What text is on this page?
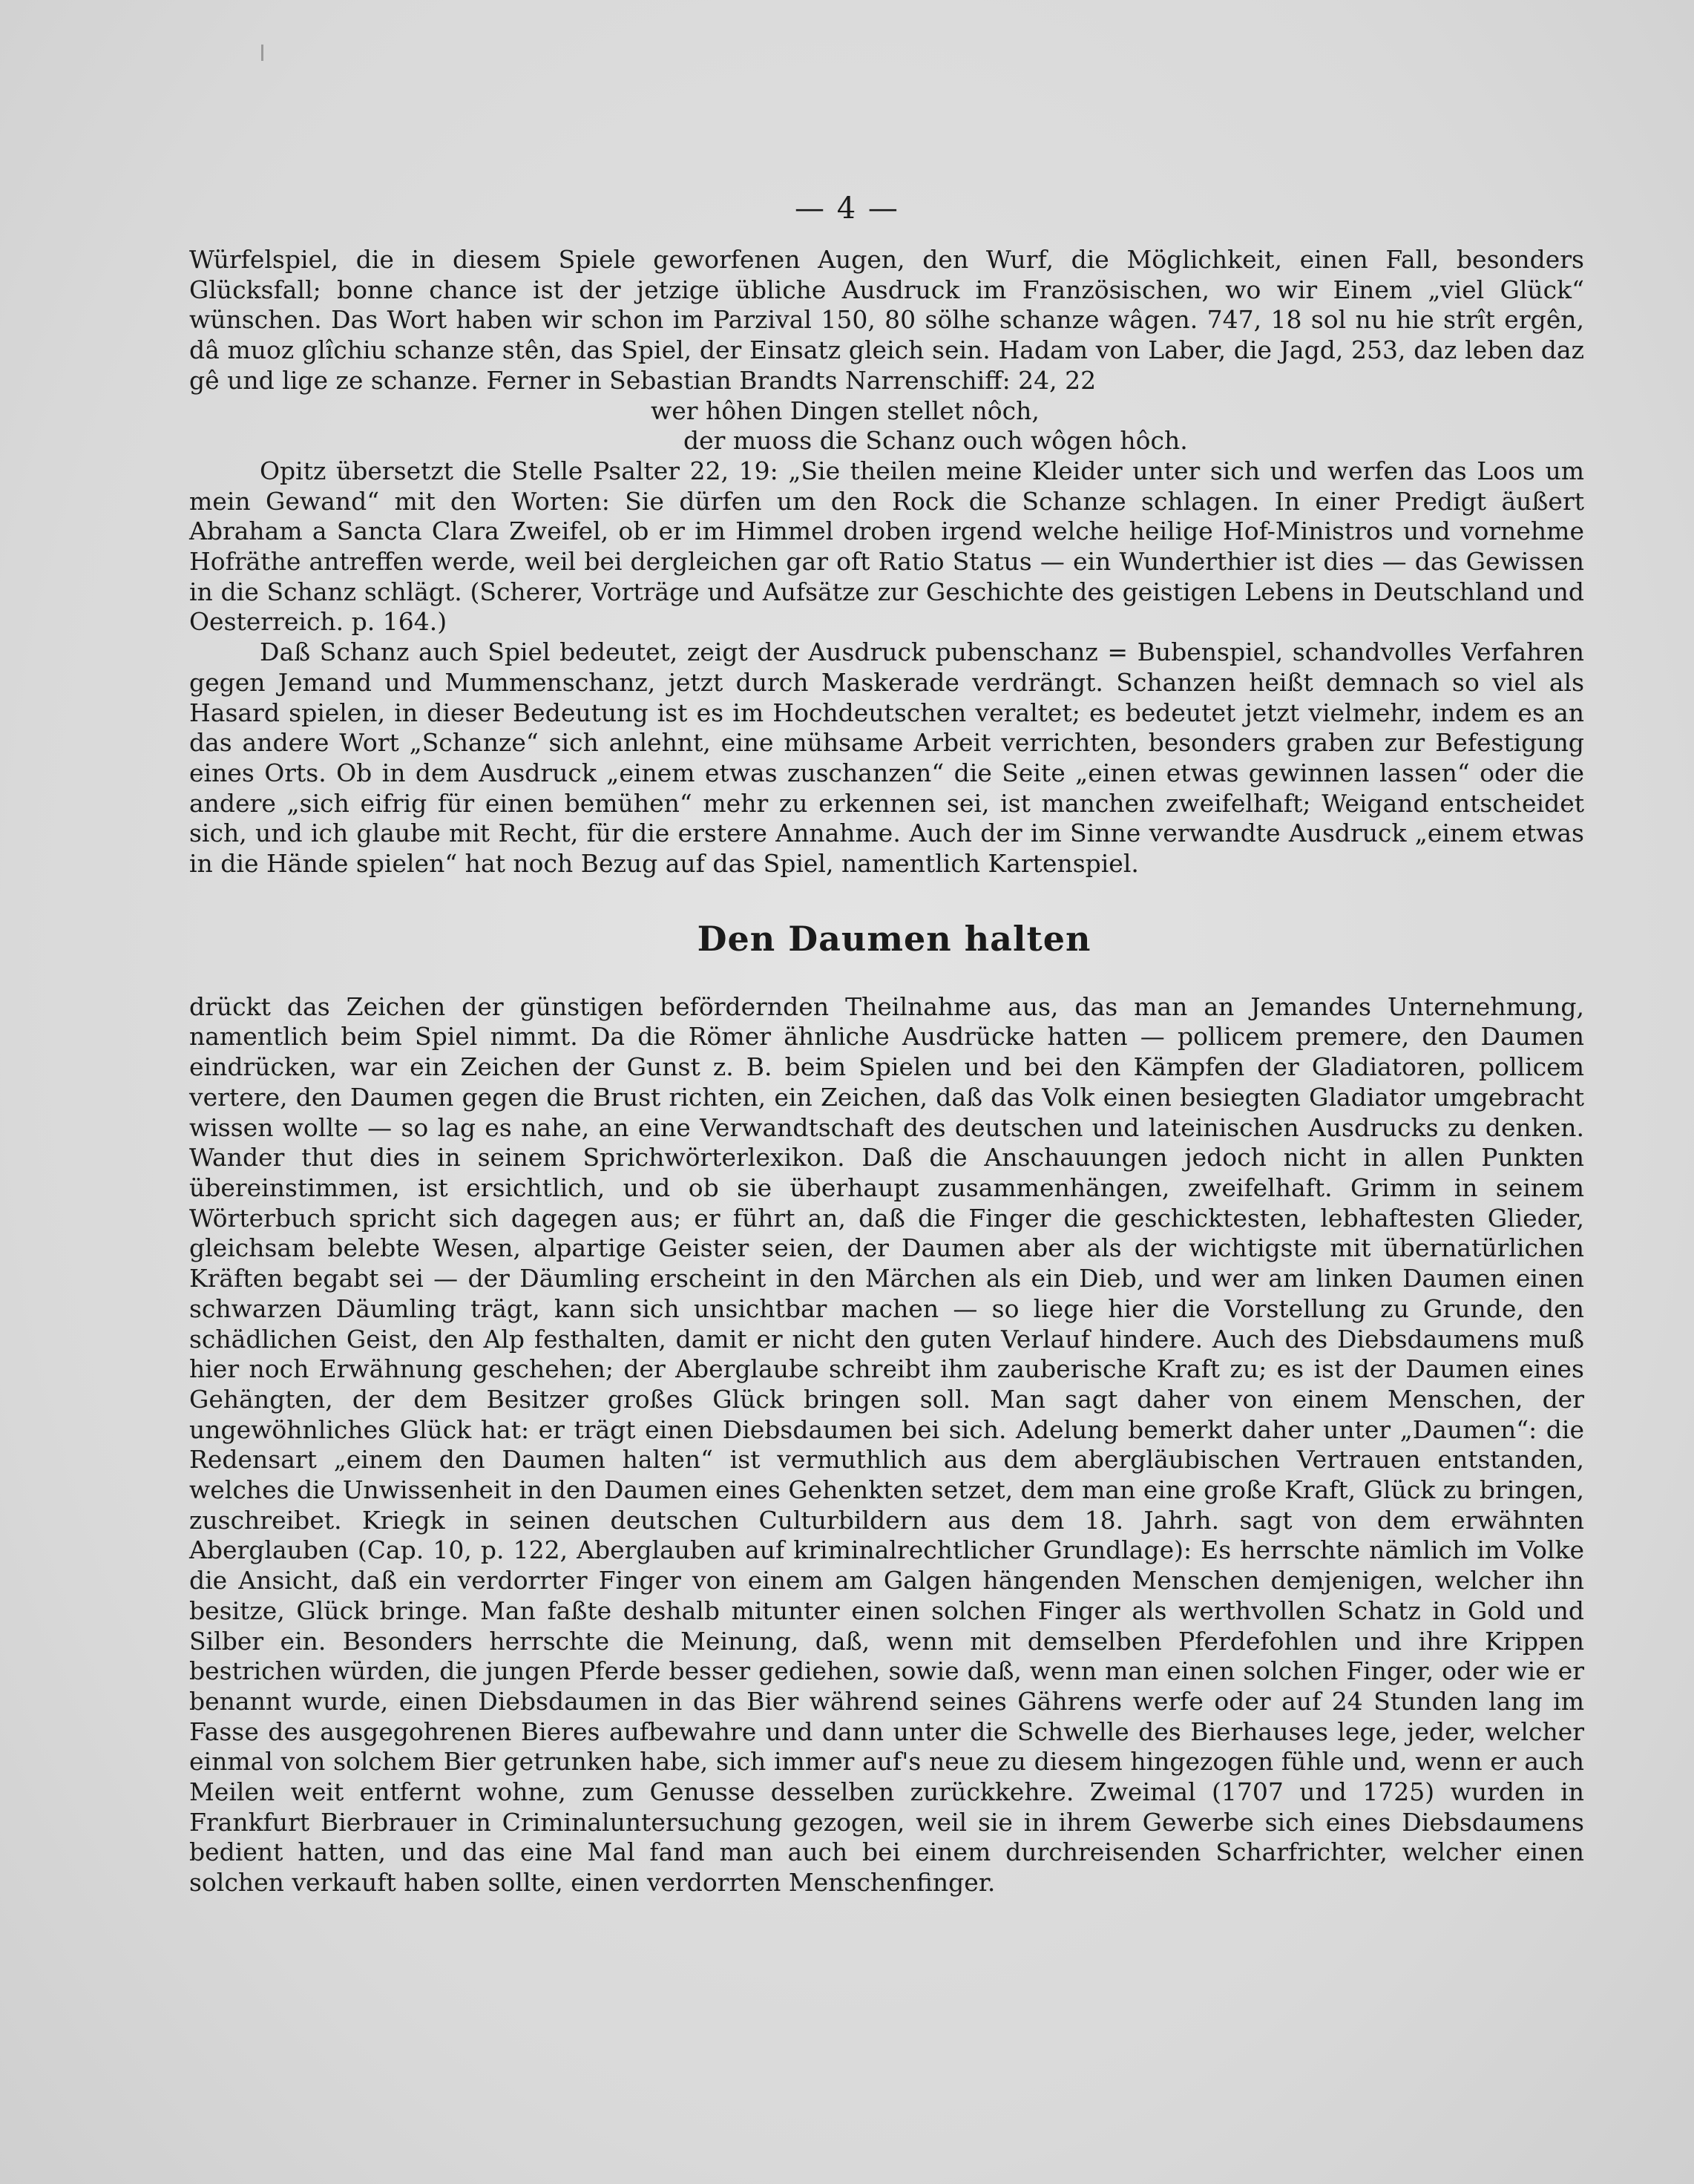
— 4 —

Würfelspiel, die in diesem Spiele geworfenen Augen, den Wurf, die Möglichkeit, einen Fall, besonders Glücksfall; bonne chance ist der jetzige übliche Ausdruck im Französischen, wo wir Einem „viel Glück“ wünschen. Das Wort haben wir schon im Parzival 150, 80 sölhe schanze wâgen. 747, 18 sol nu hie strît ergên, dâ muoz glîchiu schanze stên, das Spiel, der Einsatz gleich sein. Hadam von Laber, die Jagd, 253, daz leben daz gê und lige ze schanze. Ferner in Sebastian Brandts Narrenschiff: 24, 22

wer hôhen Dingen stellet nôch,

der muoss die Schanz ouch wôgen hôch.

Opitz übersetzt die Stelle Psalter 22, 19: „Sie theilen meine Kleider unter sich und werfen das Loos um mein Gewand“ mit den Worten: Sie dürfen um den Rock die Schanze schlagen. In einer Predigt äußert Abraham a Sancta Clara Zweifel, ob er im Himmel droben irgend welche heilige Hof-Ministros und vornehme Hofräthe antreffen werde, weil bei dergleichen gar oft Ratio Status — ein Wunderthier ist dies — das Gewissen in die Schanz schlägt. (Scherer, Vorträge und Aufsätze zur Geschichte des geistigen Lebens in Deutschland und Oesterreich. p. 164.)

Daß Schanz auch Spiel bedeutet, zeigt der Ausdruck pubenschanz = Bubenspiel, schandvolles Verfahren gegen Jemand und Mummenschanz, jetzt durch Maskerade verdrängt. Schanzen heißt demnach so viel als Hasard spielen, in dieser Bedeutung ist es im Hochdeutschen veraltet; es bedeutet jetzt vielmehr, indem es an das andere Wort „Schanze“ sich anlehnt, eine mühsame Arbeit verrichten, besonders graben zur Befestigung eines Orts. Ob in dem Ausdruck „einem etwas zuschanzen“ die Seite „einen etwas gewinnen lassen“ oder die andere „sich eifrig für einen bemühen“ mehr zu erkennen sei, ist manchen zweifelhaft; Weigand entscheidet sich, und ich glaube mit Recht, für die erstere Annahme. Auch der im Sinne verwandte Ausdruck „einem etwas in die Hände spielen“ hat noch Bezug auf das Spiel, namentlich Kartenspiel.

Den Daumen halten

drückt das Zeichen der günstigen befördernden Theilnahme aus, das man an Jemandes Unternehmung, namentlich beim Spiel nimmt. Da die Römer ähnliche Ausdrücke hatten — pollicem premere, den Daumen eindrücken, war ein Zeichen der Gunst z. B. beim Spielen und bei den Kämpfen der Gladiatoren, pollicem vertere, den Daumen gegen die Brust richten, ein Zeichen, daß das Volk einen besiegten Gladiator umgebracht wissen wollte — so lag es nahe, an eine Verwandtschaft des deutschen und lateinischen Ausdrucks zu denken. Wander thut dies in seinem Sprichwörterlexikon. Daß die Anschauungen jedoch nicht in allen Punkten übereinstimmen, ist ersichtlich, und ob sie überhaupt zusammenhängen, zweifelhaft. Grimm in seinem Wörterbuch spricht sich dagegen aus; er führt an, daß die Finger die geschicktesten, lebhaftesten Glieder, gleichsam belebte Wesen, alpartige Geister seien, der Daumen aber als der wichtigste mit übernatürlichen Kräften begabt sei — der Däumling erscheint in den Märchen als ein Dieb, und wer am linken Daumen einen schwarzen Däumling trägt, kann sich unsichtbar machen — so liege hier die Vorstellung zu Grunde, den schädlichen Geist, den Alp festhalten, damit er nicht den guten Verlauf hindere. Auch des Diebsdaumens muß hier noch Erwähnung geschehen; der Aberglaube schreibt ihm zauberische Kraft zu; es ist der Daumen eines Gehängten, der dem Besitzer großes Glück bringen soll. Man sagt daher von einem Menschen, der ungewöhnliches Glück hat: er trägt einen Diebsdaumen bei sich. Adelung bemerkt daher unter „Daumen“: die Redensart „einem den Daumen halten“ ist vermuthlich aus dem abergläubischen Vertrauen entstanden, welches die Unwissenheit in den Daumen eines Gehenkten setzet, dem man eine große Kraft, Glück zu bringen, zuschreibet. Kriegk in seinen deutschen Culturbildern aus dem 18. Jahrh. sagt von dem erwähnten Aberglauben (Cap. 10, p. 122, Aberglauben auf kriminalrechtlicher Grundlage): Es herrschte nämlich im Volke die Ansicht, daß ein verdorrter Finger von einem am Galgen hängenden Menschen demjenigen, welcher ihn besitze, Glück bringe. Man faßte deshalb mitunter einen solchen Finger als werthvollen Schatz in Gold und Silber ein. Besonders herrschte die Meinung, daß, wenn mit demselben Pferdefohlen und ihre Krippen bestrichen würden, die jungen Pferde besser gediehen, sowie daß, wenn man einen solchen Finger, oder wie er benannt wurde, einen Diebsdaumen in das Bier während seines Gährens werfe oder auf 24 Stunden lang im Fasse des ausgegohrenen Bieres aufbewahre und dann unter die Schwelle des Bierhauses lege, jeder, welcher einmal von solchem Bier getrunken habe, sich immer auf's neue zu diesem hingezogen fühle und, wenn er auch Meilen weit entfernt wohne, zum Genusse desselben zurückkehre. Zweimal (1707 und 1725) wurden in Frankfurt Bierbrauer in Criminaluntersuchung gezogen, weil sie in ihrem Gewerbe sich eines Diebsdaumens bedient hatten, und das eine Mal fand man auch bei einem durchreisenden Scharfrichter, welcher einen solchen verkauft haben sollte, einen verdorrten Menschenfinger.
